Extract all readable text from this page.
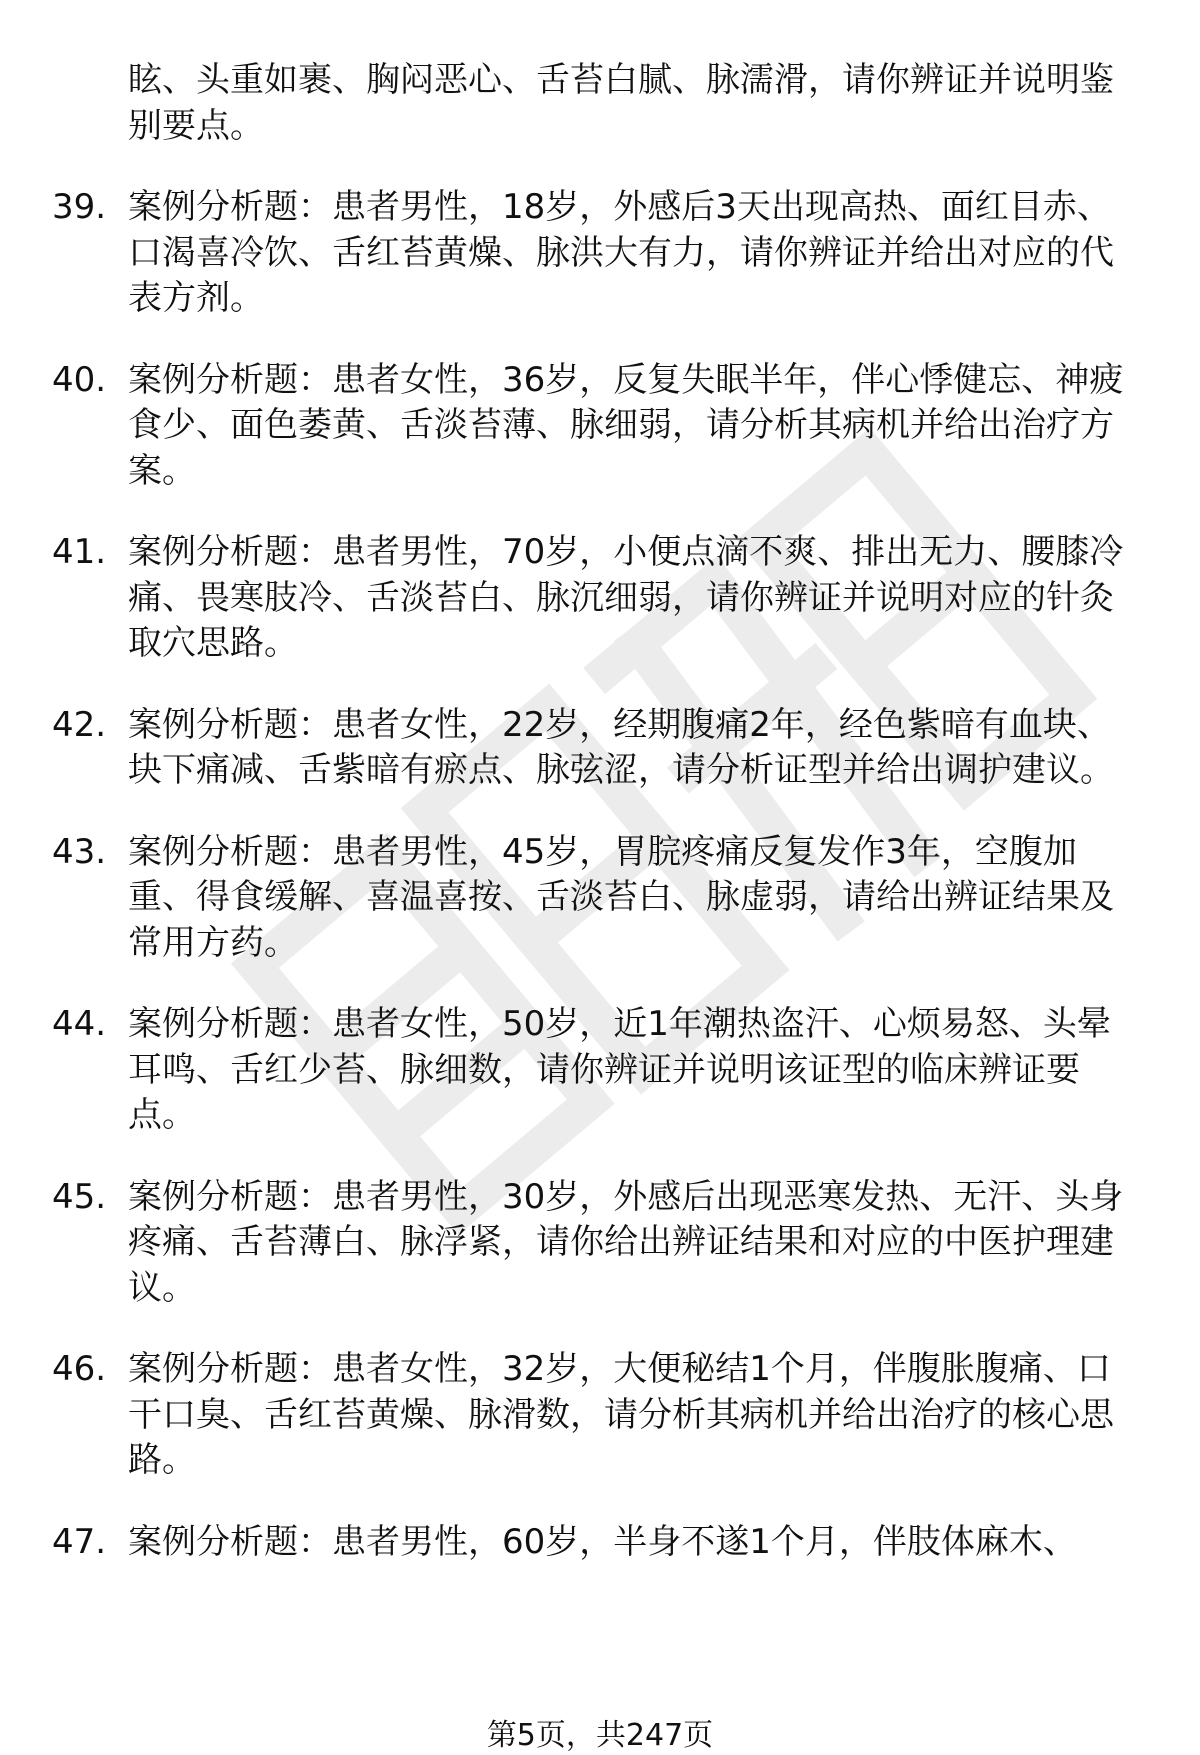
眩、头重如裹、胸闷恶心、舌苔白腻、脉濡滑，请你辨证并说明鉴别要点。
39. 案例分析题：患者男性，18岁，外感后3天出现高热、面红目赤、口渴喜冷饮、舌红苔黄燥、脉洪大有力，请你辨证并给出对应的代表方剂。
40. 案例分析题：患者女性，36岁，反复失眠半年，伴心悸健忘、神疲食少、面色萎黄、舌淡苔薄、脉细弱，请分析其病机并给出治疗方案。
41. 案例分析题：患者男性，70岁，小便点滴不爽、排出无力、腰膝冷痛、畏寒肢冷、舌淡苔白、脉沉细弱，请你辨证并说明对应的针灸取穴思路。
42. 案例分析题：患者女性，22岁，经期腹痛2年，经色紫暗有血块、块下痛减、舌紫暗有瘀点、脉弦涩，请分析证型并给出调护建议。
43. 案例分析题：患者男性，45岁，胃脘疼痛反复发作3年，空腹加重、得食缓解、喜温喜按、舌淡苔白、脉虚弱，请给出辨证结果及常用方药。
44. 案例分析题：患者女性，50岁，近1年潮热盗汗、心烦易怒、头晕耳鸣、舌红少苔、脉细数，请你辨证并说明该证型的临床辨证要点。
45. 案例分析题：患者男性，30岁，外感后出现恶寒发热、无汗、头身疼痛、舌苔薄白、脉浮紧，请你给出辨证结果和对应的中医护理建议。
46. 案例分析题：患者女性，32岁，大便秘结1个月，伴腹胀腹痛、口干口臭、舌红苔黄燥、脉滑数，请分析其病机并给出治疗的核心思路。
47. 案例分析题：患者男性，60岁，半身不遂1个月，伴肢体麻木、
第5页，共247页
